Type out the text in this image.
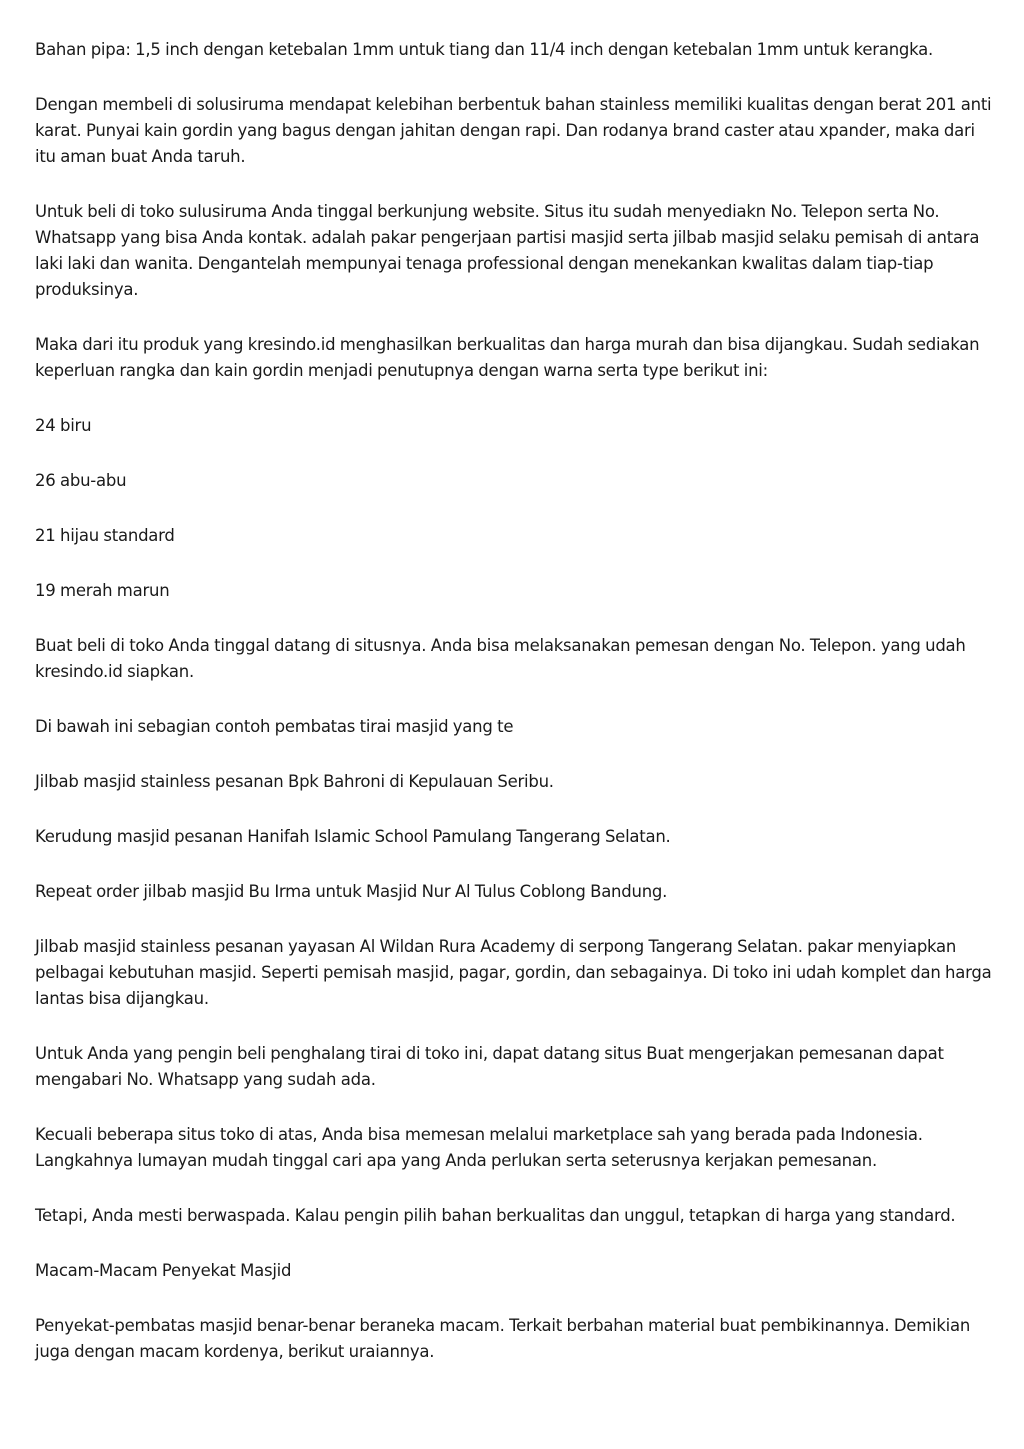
Bahan pipa: 1,5 inch dengan ketebalan 1mm untuk tiang dan 11/4 inch dengan ketebalan 1mm untuk kerangka.

Dengan membeli di solusiruma mendapat kelebihan berbentuk bahan stainless memiliki kualitas dengan berat 201 anti karat. Punyai kain gordin yang bagus dengan jahitan dengan rapi. Dan rodanya brand caster atau xpander, maka dari itu aman buat Anda taruh.

Untuk beli di toko sulusiruma Anda tinggal berkunjung website. Situs itu sudah menyediakn No. Telepon serta No. Whatsapp yang bisa Anda kontak. adalah pakar pengerjaan partisi masjid serta jilbab masjid selaku pemisah di antara laki laki dan wanita. Dengantelah mempunyai tenaga professional dengan menekankan kwalitas dalam tiap-tiap produksinya.

Maka dari itu produk yang kresindo.id menghasilkan berkualitas dan harga murah dan bisa dijangkau. Sudah sediakan keperluan rangka dan kain gordin menjadi penutupnya dengan warna serta type berikut ini:

24 biru

26 abu-abu

21 hijau standard

19 merah marun

Buat beli di toko Anda tinggal datang di situsnya. Anda bisa melaksanakan pemesan dengan No. Telepon. yang udah kresindo.id siapkan.

Di bawah ini sebagian contoh pembatas tirai masjid yang te

Jilbab masjid stainless pesanan Bpk Bahroni di Kepulauan Seribu.

Kerudung masjid pesanan Hanifah Islamic School Pamulang Tangerang Selatan.

Repeat order jilbab masjid Bu Irma untuk Masjid Nur Al Tulus Coblong Bandung.

Jilbab masjid stainless pesanan yayasan Al Wildan Rura Academy di serpong Tangerang Selatan. pakar menyiapkan pelbagai kebutuhan masjid. Seperti pemisah masjid, pagar, gordin, dan sebagainya. Di toko ini udah komplet dan harga lantas bisa dijangkau.

Untuk Anda yang pengin beli penghalang tirai di toko ini, dapat datang situs Buat mengerjakan pemesanan dapat mengabari No. Whatsapp yang sudah ada.

Kecuali beberapa situs toko di atas, Anda bisa memesan melalui marketplace sah yang berada pada Indonesia. Langkahnya lumayan mudah tinggal cari apa yang Anda perlukan serta seterusnya kerjakan pemesanan.

Tetapi, Anda mesti berwaspada. Kalau pengin pilih bahan berkualitas dan unggul, tetapkan di harga yang standard.

Macam-Macam Penyekat Masjid

Penyekat-pembatas masjid benar-benar beraneka macam. Terkait berbahan material buat pembikinannya. Demikian juga dengan macam kordenya, berikut uraiannya.
